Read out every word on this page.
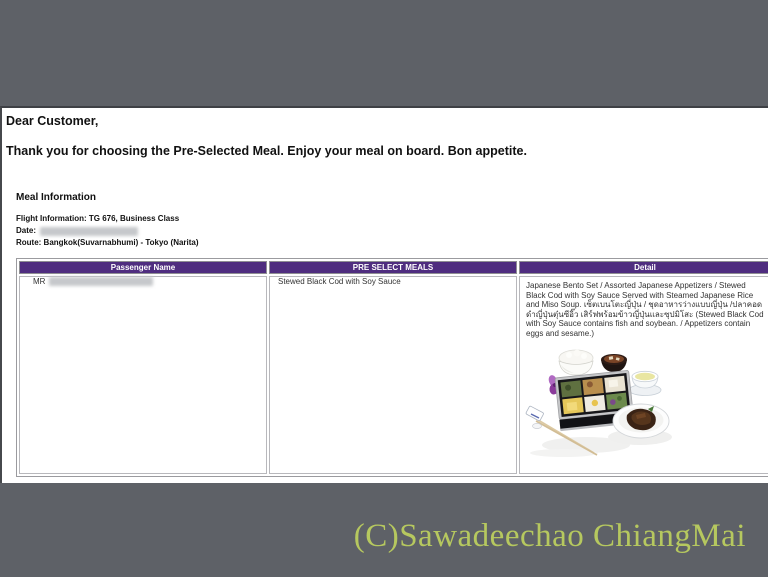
Dear Customer,
Thank you for choosing the Pre-Selected Meal. Enjoy your meal on board. Bon appetite.
Meal Information
Flight Information: TG 676, Business Class
Date:
Route: Bangkok(Suvarnabhumi) - Tokyo (Narita)
Passenger Name	PRE SELECT MEALS	Detail

MR	Stewed Black Cod with Soy Sauce	Japanese Bento Set / Assorted Japanese Appetizers / Stewed Black Cod with Soy Sauce Served with Steamed Japanese Rice and Miso Soup. เซ็ตเบนโตะญี่ปุ่น / ชุดอาหารว่างแบบญี่ปุ่น /ปลาคอดดำญี่ปุ่นตุ๋นซีอิ๊ว เสิร์ฟพร้อมข้าวญี่ปุ่นและซุปมิโสะ (Stewed Black Cod with Soy Sauce contains fish and soybean. / Appetizers contain eggs and sesame.)
(C)Sawadeechao ChiangMai
